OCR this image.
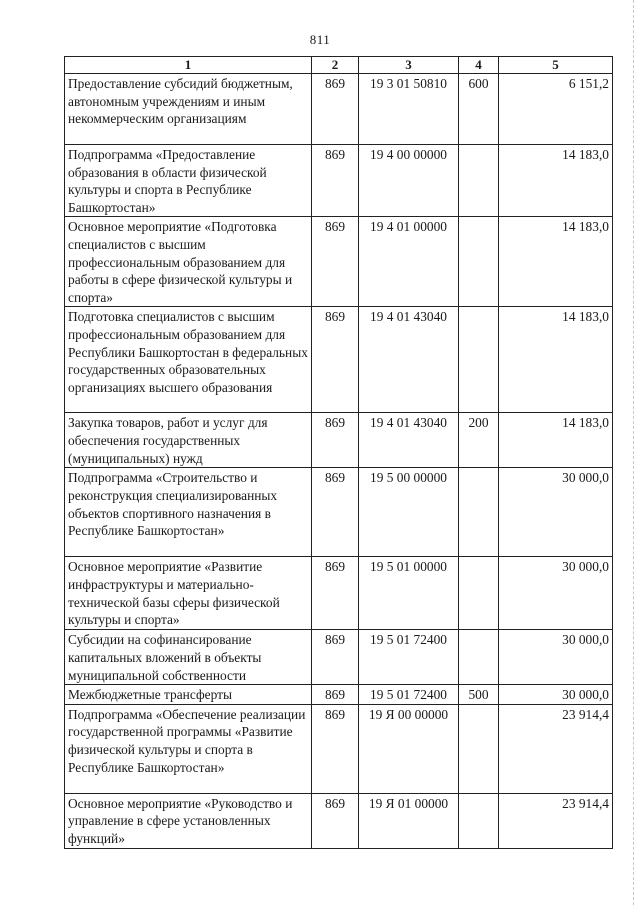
811
1	2	3	4	5
Предоставление субсидий бюджетным, автономным учреждениям и иным некоммерческим организациям	869	19 3 01 50810	600	6 151,2
Подпрограмма «Предоставление образования в области физической культуры и спорта в Республике Башкортостан»	869	19 4 00 00000		14 183,0
Основное мероприятие «Подготовка специалистов с высшим профессиональным образованием для работы в сфере физической культуры и спорта»	869	19 4 01 00000		14 183,0
Подготовка специалистов с высшим профессиональным образованием для Республики Башкортостан в федеральных государственных образовательных организациях высшего образования	869	19 4 01 43040		14 183,0
Закупка товаров, работ и услуг для обеспечения государственных (муниципальных) нужд	869	19 4 01 43040	200	14 183,0
Подпрограмма «Строительство и реконструкция специализированных объектов спортивного назначения в Республике Башкортостан»	869	19 5 00 00000		30 000,0
Основное мероприятие «Развитие инфраструктуры и материально-технической базы сферы физической культуры и спорта»	869	19 5 01 00000		30 000,0
Субсидии на софинансирование капитальных вложений в объекты муниципальной собственности	869	19 5 01 72400		30 000,0
Межбюджетные трансферты	869	19 5 01 72400	500	30 000,0
Подпрограмма «Обеспечение реализации государственной программы «Развитие физической культуры и спорта в Республике Башкортостан»	869	19 Я 00 00000		23 914,4
Основное мероприятие «Руководство и управление в сфере установленных функций»	869	19 Я 01 00000		23 914,4
